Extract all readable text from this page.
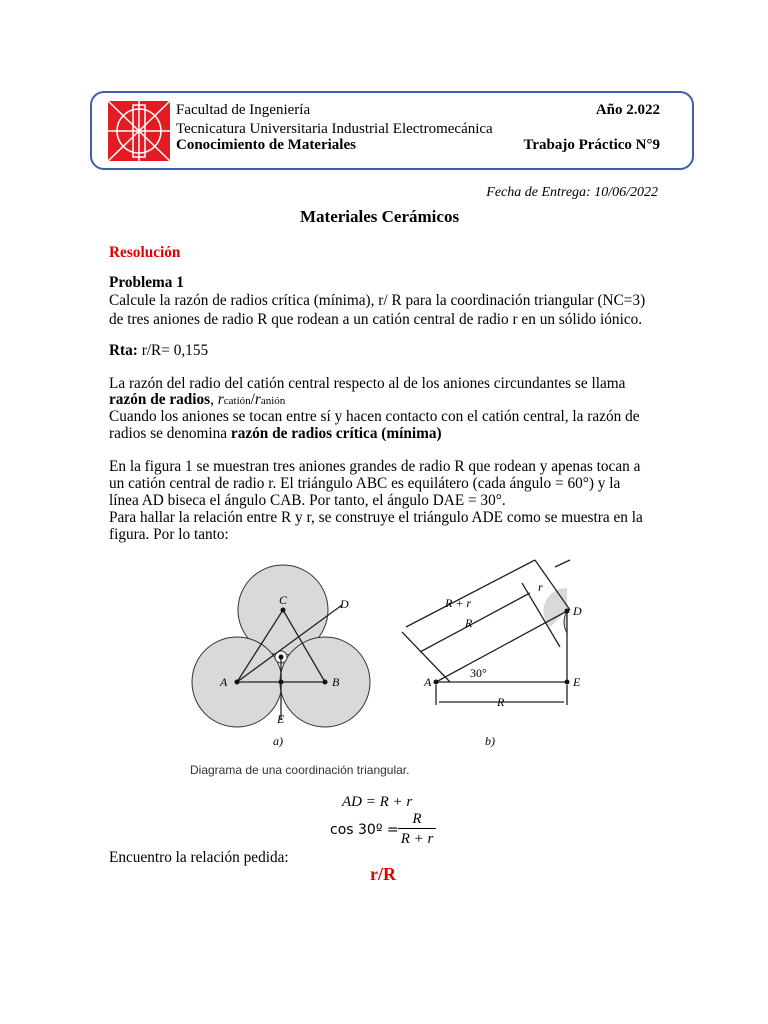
Facultad de Ingeniería
Tecnicatura Universitaria Industrial Electromecánica
Conocimiento de Materiales
Año 2.022
Trabajo Práctico N°9
Fecha de Entrega: 10/06/2022
Materiales Cerámicos
Resolución
Problema 1
Calcule la razón de radios crítica (mínima), r/ R para la coordinación triangular (NC=3)
de tres aniones de radio R que rodean a un catión central de radio r en un sólido iónico.
Rta: r/R= 0,155
La razón del radio del catión central respecto al de los aniones circundantes se llama
razón de radios, rcatión/ranión
Cuando los aniones se tocan entre sí y hacen contacto con el catión central, la razón de
radios se denomina razón de radios crítica (mínima)
En la figura 1 se muestran tres aniones grandes de radio R que rodean y apenas tocan a
un catión central de radio r. El triángulo ABC es equilátero (cada ángulo = 60°) y la
línea AD biseca el ángulo CAB. Por tanto, el ángulo DAE = 30°.
Para hallar la relación entre R y r, se construye el triángulo ADE como se muestra en la
figura. Por lo tanto:
C	D
A	B
E
a)
R + r
R
r
D
30°
A	E
R
b)
Diagrama de una coordinación triangular.
AD = R + r
cos 30º =
R
R + r
Encuentro la relación pedida:
r/R
